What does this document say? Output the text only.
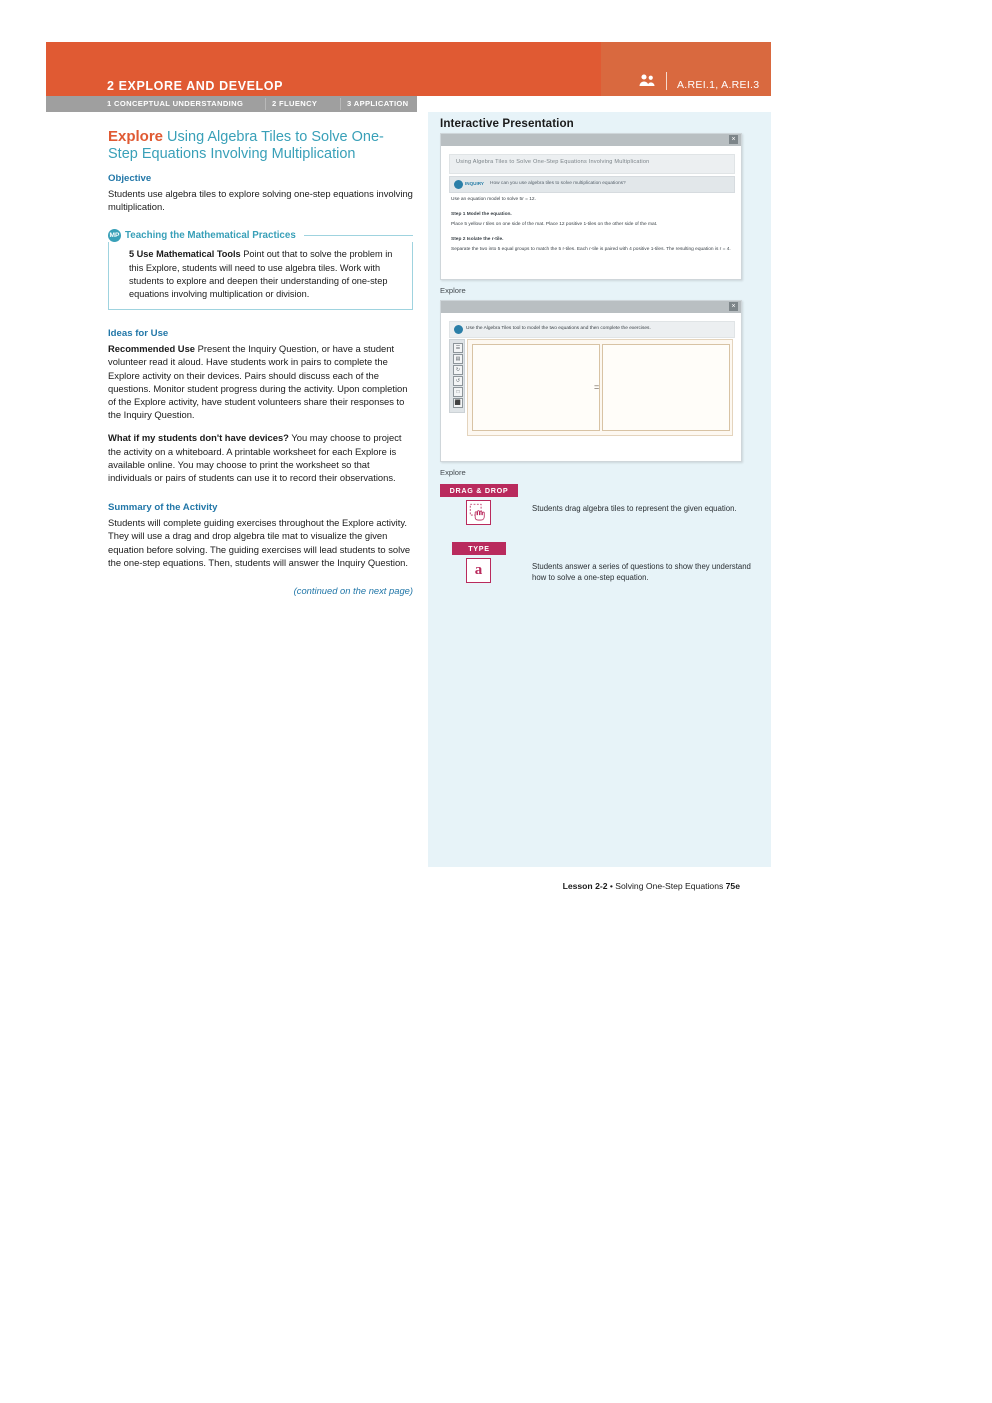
2 EXPLORE AND DEVELOP	A.REI.1, A.REI.3
1 CONCEPTUAL UNDERSTANDING	2 FLUENCY	3 APPLICATION

Explore Using Algebra Tiles to Solve One-Step Equations Involving Multiplication

Objective

Students use algebra tiles to explore solving one-step equations involving multiplication.

MP Teaching the Mathematical Practices
5 Use Mathematical Tools Point out that to solve the problem in this Explore, students will need to use algebra tiles. Work with students to explore and deepen their understanding of one-step equations involving multiplication or division.
Ideas for Use

Recommended Use Present the Inquiry Question, or have a student volunteer read it aloud. Have students work in pairs to complete the Explore activity on their devices. Pairs should discuss each of the questions. Monitor student progress during the activity. Upon completion of the Explore activity, have student volunteers share their responses to the Inquiry Question.

What if my students don't have devices? You may choose to project the activity on a whiteboard. A printable worksheet for each Explore is available online. You may choose to print the worksheet so that individuals or pairs of students can use it to record their observations.

Summary of the Activity

Students will complete guiding exercises throughout the Explore activity. They will use a drag and drop algebra tile mat to visualize the given equation before solving. The guiding exercises will lead students to solve the one-step equations. Then, students will answer the Inquiry Question.

(continued on the next page)
Interactive Presentation
×
Using Algebra Tiles to Solve One-Step Equations Involving Multiplication
INQUIRY How can you use algebra tiles to solve multiplication equations?
Use an equation model to solve 5r = 12.
Step 1 Model the equation.
Place 5 yellow r tiles on one side of the mat. Place 12 positive 1-tiles on the other side of the mat.
Step 2 Isolate the r-tile.
Separate the two into 5 equal groups to match the 5 r-tiles. Each r-tile is paired with 4 positive 1-tiles. The resulting equation is r = 4.
Explore
×
Use the Algebra Tiles tool to model the two equations and then complete the exercises.
☰
▤
↻
↺
□
⬛
=
Explore
DRAG & DROP
Students drag algebra tiles to represent the given equation.
TYPE
a	Students answer a series of questions to show they understand how to solve a one-step equation.
Lesson 2-2 • Solving One-Step Equations 75e
